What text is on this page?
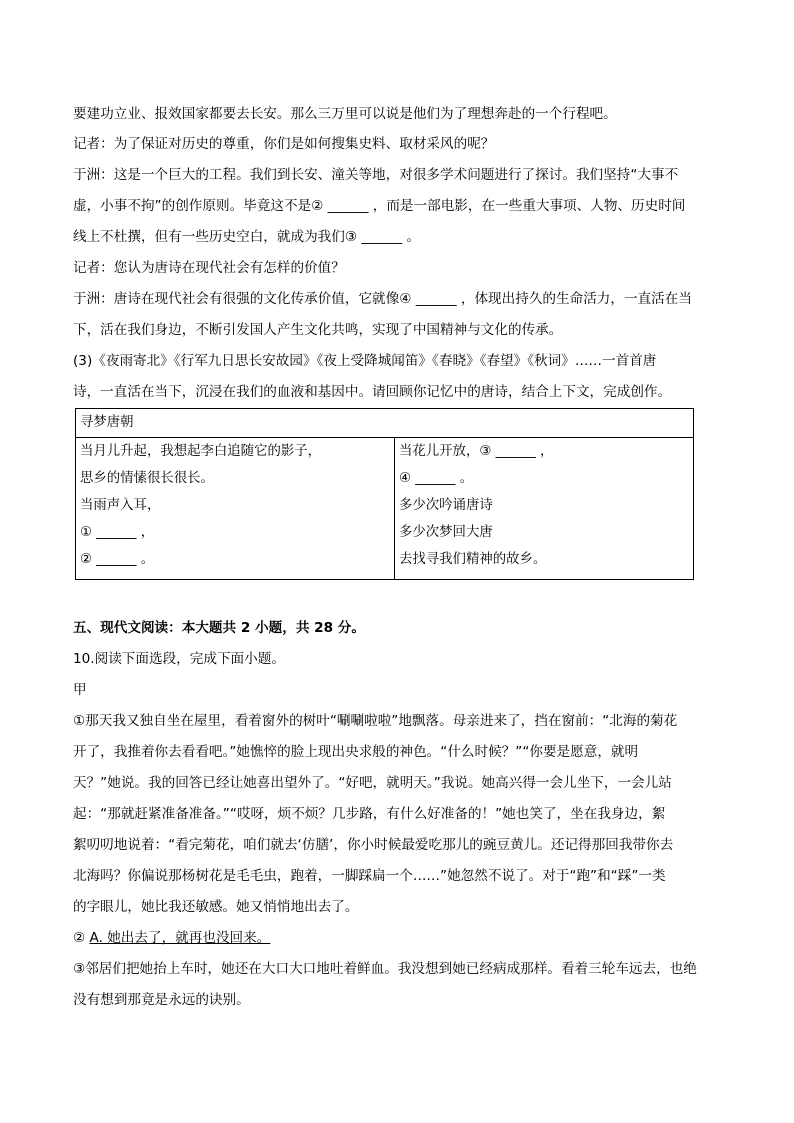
要建功立业、报效国家都要去长安。那么三万里可以说是他们为了理想奔赴的一个行程吧。
记者：为了保证对历史的尊重，你们是如何搜集史料、取材采风的呢？
于洲：这是一个巨大的工程。我们到长安、潼关等地，对很多学术问题进行了探讨。我们坚持“大事不
虚，小事不拘”的创作原则。毕竟这不是② ______ ，而是一部电影，在一些重大事项、人物、历史时间
线上不杜撰，但有一些历史空白，就成为我们③ ______ 。
记者：您认为唐诗在现代社会有怎样的价值？
于洲：唐诗在现代社会有很强的文化传承价值，它就像④ ______ ，体现出持久的生命活力，一直活在当
下，活在我们身边，不断引发国人产生文化共鸣，实现了中国精神与文化的传承。
(3)《夜雨寄北》《行军九日思长安故园》《夜上受降城闻笛》《春晓》《春望》《秋词》……一首首唐
诗，一直活在当下，沉浸在我们的血液和基因中。请回顾你记忆中的唐诗，结合上下文，完成创作。
寻梦唐朝

当月儿升起，我想起李白追随它的影子，
思乡的情愫很长很长。
当雨声入耳，
① ______ ，
② ______ 。

当花儿开放，③ ______ ，
④ ______ 。
多少次吟诵唐诗
多少次梦回大唐
去找寻我们精神的故乡。
五、现代文阅读：本大题共 2 小题，共 28 分。
10.阅读下面选段，完成下面小题。
甲
①那天我又独自坐在屋里，看着窗外的树叶“唰唰啦啦”地飘落。母亲进来了，挡在窗前：“北海的菊花
开了，我推着你去看看吧。”她憔悴的脸上现出央求般的神色。“什么时候？”“你要是愿意，就明
天？”她说。我的回答已经让她喜出望外了。“好吧，就明天。”我说。她高兴得一会儿坐下，一会儿站
起：“那就赶紧准备准备。”“哎呀，烦不烦？几步路，有什么好准备的！”她也笑了，坐在我身边，絮
絮叨叨地说着：“看完菊花，咱们就去‘仿膳’，你小时候最爱吃那儿的豌豆黄儿。还记得那回我带你去
北海吗？你偏说那杨树花是毛毛虫，跑着，一脚踩扁一个……”她忽然不说了。对于“跑”和“踩”一类
的字眼儿，她比我还敏感。她又悄悄地出去了。
② A. 她出去了，就再也没回来。
③邻居们把她抬上车时，她还在大口大口地吐着鲜血。我没想到她已经病成那样。看着三轮车远去，也绝
没有想到那竟是永远的诀别。
